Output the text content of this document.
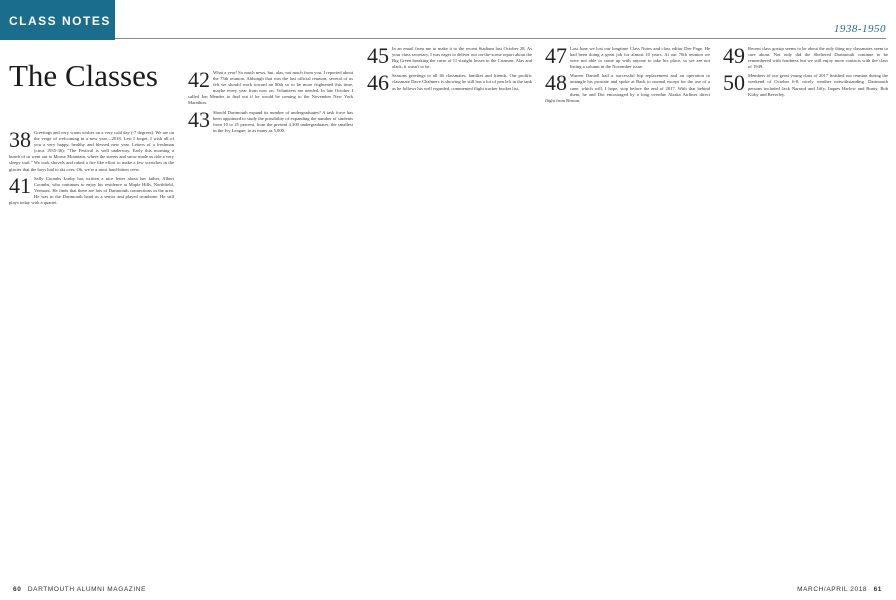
CLASS NOTES
1938-1950
The Classes
38 Greetings and very warm wishes on a very cold day (-7 degrees). We are on the verge of welcoming in a new year—2018. Lest I forget, I wish all of you a very happy, healthy and blessed new year. Letters of a freshman (circa 1935-36): "The Festival is well underway. Early this morning a bunch of us went out to Moose Mountain, where the streets and snow made us ride a very sleepy trail." We took shovels and raked a fire like effort to make a few scratches in the glacier that the boys had to ski over. Oh, we're a most hard-bitten crew.

41 Sally Coombs Lusby has written a nice letter about her father, Albert Coombs, who continues to enjoy his residence at Maple Hills, Northfield, Vermont. He finds that there are lots of Dartmouth connections in the area. He was in the Dartmouth band as a senior and played trombone. He still plays today with a quartet.

42 What a year! So much news, but, alas, not much from you. I reported about the 75th reunion. Although that was the last official reunion, several of us felt we should work toward an 80th so to be more frightened this time, maybe every year from now on. Volunteers are needed. In late October I called Jon Mendes to find out if he would be coming to the November New York Marathon.

43 Should Dartmouth expand its number of undergraduates? A task force has been appointed to study the possibility of expanding the number of students from 10 to 25 percent, from the present 4,300 undergraduates, the smallest in the Ivy League, to as many as 5,000.

45 In an email from me to make it to the recent Stadium last October 28. As your class secretary, I was eager to deliver our on-the-scene report about the Big Green breaking the curse of 11 straight losses to the Crimson. Alas and alack, it wasn't to be.

46 Seasons greetings to all 46 classmates, families and friends. Our prolific classmate Dave Chalmers is showing he still has a lot of pen left in the tank as he follows his well regarded, commented flight tracker bucket list.

47 Last June we lost our longtime Class Notes and class editor Dee Page. He had been doing a great job for almost 10 years. At our 70th reunion we were not able to come up with anyone to take his place, so we are not listing a column in the November issue.

48 Warren Daniell had a successful hip replacement and an operation to untangle his prostate and spoke at Back to normal except for the use of a cane, which will, I hope, stop before the end of 2017. With that behind them, he and Dot encouraged by a long overdue Alaska Airlines direct flight from Boston.

49 Recent class gossip seems to be about the only thing my classmates seem to care about. Not only did the Sheltered Dartmouth continue to be remembered with fondness but we still enjoy more contacts with the class of 1949.

50 Members of our great young class of 2017 finished our reunion during the weekend of October 6-8, nicely weather notwithstanding. Dartmouth persons included Jack Narrard and Jiffy, Jaques Harlow and Bunty, Bob Kirby and Beverley.

60 DARTMOUTH ALUMNI MAGAZINE	MARCH/APRIL 2018 61
